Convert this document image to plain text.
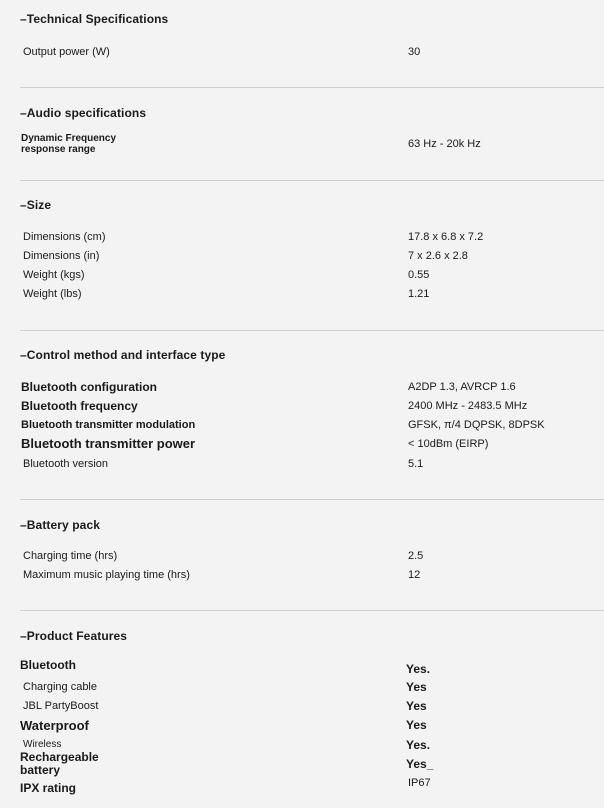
–Technical Specifications
Output power (W)	30
–Audio specifications
Dynamic Frequency response range	63 Hz - 20k Hz
–Size
Dimensions (cm)	17.8 x 6.8 x 7.2
Dimensions (in)	7 x 2.6 x 2.8
Weight (kgs)	0.55
Weight (lbs)	1.21
–Control method and interface type
Bluetooth configuration	A2DP 1.3, AVRCP 1.6
Bluetooth frequency	2400 MHz - 2483.5 MHz
Bluetooth transmitter modulation	GFSK, π/4 DQPSK, 8DPSK
Bluetooth transmitter power	< 10dBm (EIRP)
Bluetooth version	5.1
–Battery pack
Charging time (hrs)	2.5
Maximum music playing time (hrs)	12
–Product Features
Bluetooth	Yes.
Charging cable	Yes
JBL PartyBoost	Yes
Waterproof	Yes
Wireless	Yes.
Rechargeable battery	Yes_
IPX rating	IP67
